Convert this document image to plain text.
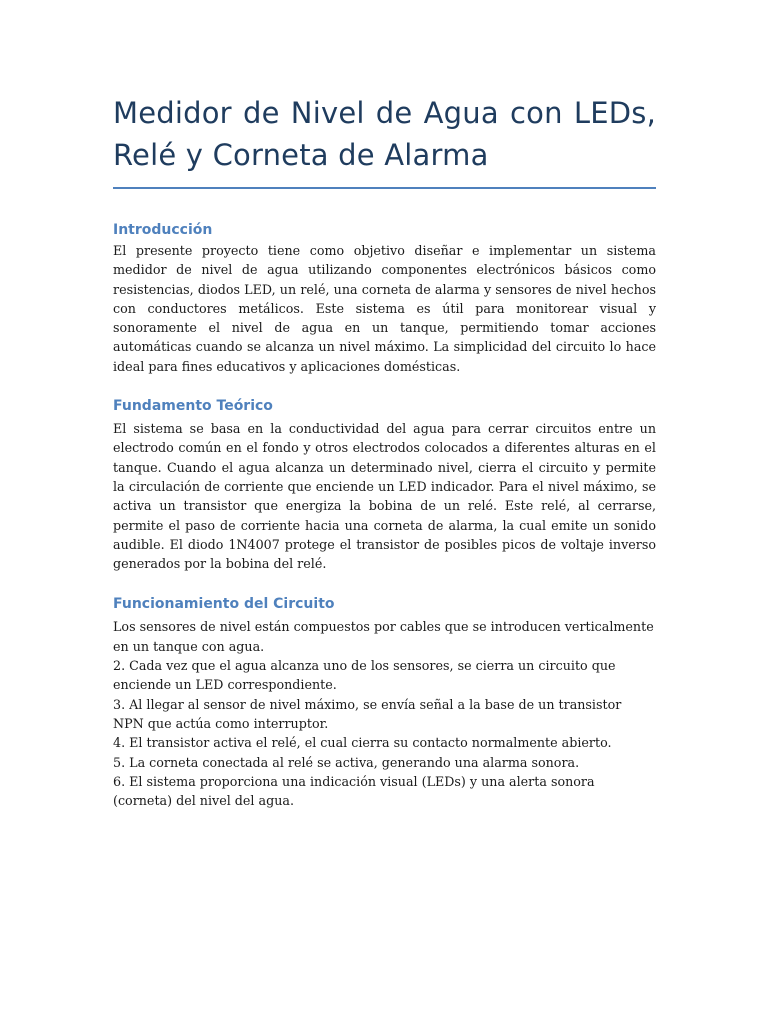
Medidor de Nivel de Agua con LEDs, Relé y Corneta de Alarma
Introducción

El presente proyecto tiene como objetivo diseñar e implementar un sistema medidor de nivel de agua utilizando componentes electrónicos básicos como resistencias, diodos LED, un relé, una corneta de alarma y sensores de nivel hechos con conductores metálicos. Este sistema es útil para monitorear visual y sonoramente el nivel de agua en un tanque, permitiendo tomar acciones automáticas cuando se alcanza un nivel máximo. La simplicidad del circuito lo hace ideal para fines educativos y aplicaciones domésticas.

Fundamento Teórico

El sistema se basa en la conductividad del agua para cerrar circuitos entre un electrodo común en el fondo y otros electrodos colocados a diferentes alturas en el tanque. Cuando el agua alcanza un determinado nivel, cierra el circuito y permite la circulación de corriente que enciende un LED indicador. Para el nivel máximo, se activa un transistor que energiza la bobina de un relé. Este relé, al cerrarse, permite el paso de corriente hacia una corneta de alarma, la cual emite un sonido audible. El diodo 1N4007 protege el transistor de posibles picos de voltaje inverso generados por la bobina del relé.

Funcionamiento del Circuito

Los sensores de nivel están compuestos por cables que se introducen verticalmente en un tanque con agua.

2. Cada vez que el agua alcanza uno de los sensores, se cierra un circuito que enciende un LED correspondiente.

3. Al llegar al sensor de nivel máximo, se envía señal a la base de un transistor NPN que actúa como interruptor.

4. El transistor activa el relé, el cual cierra su contacto normalmente abierto.

5. La corneta conectada al relé se activa, generando una alarma sonora.

6. El sistema proporciona una indicación visual (LEDs) y una alerta sonora (corneta) del nivel del agua.
